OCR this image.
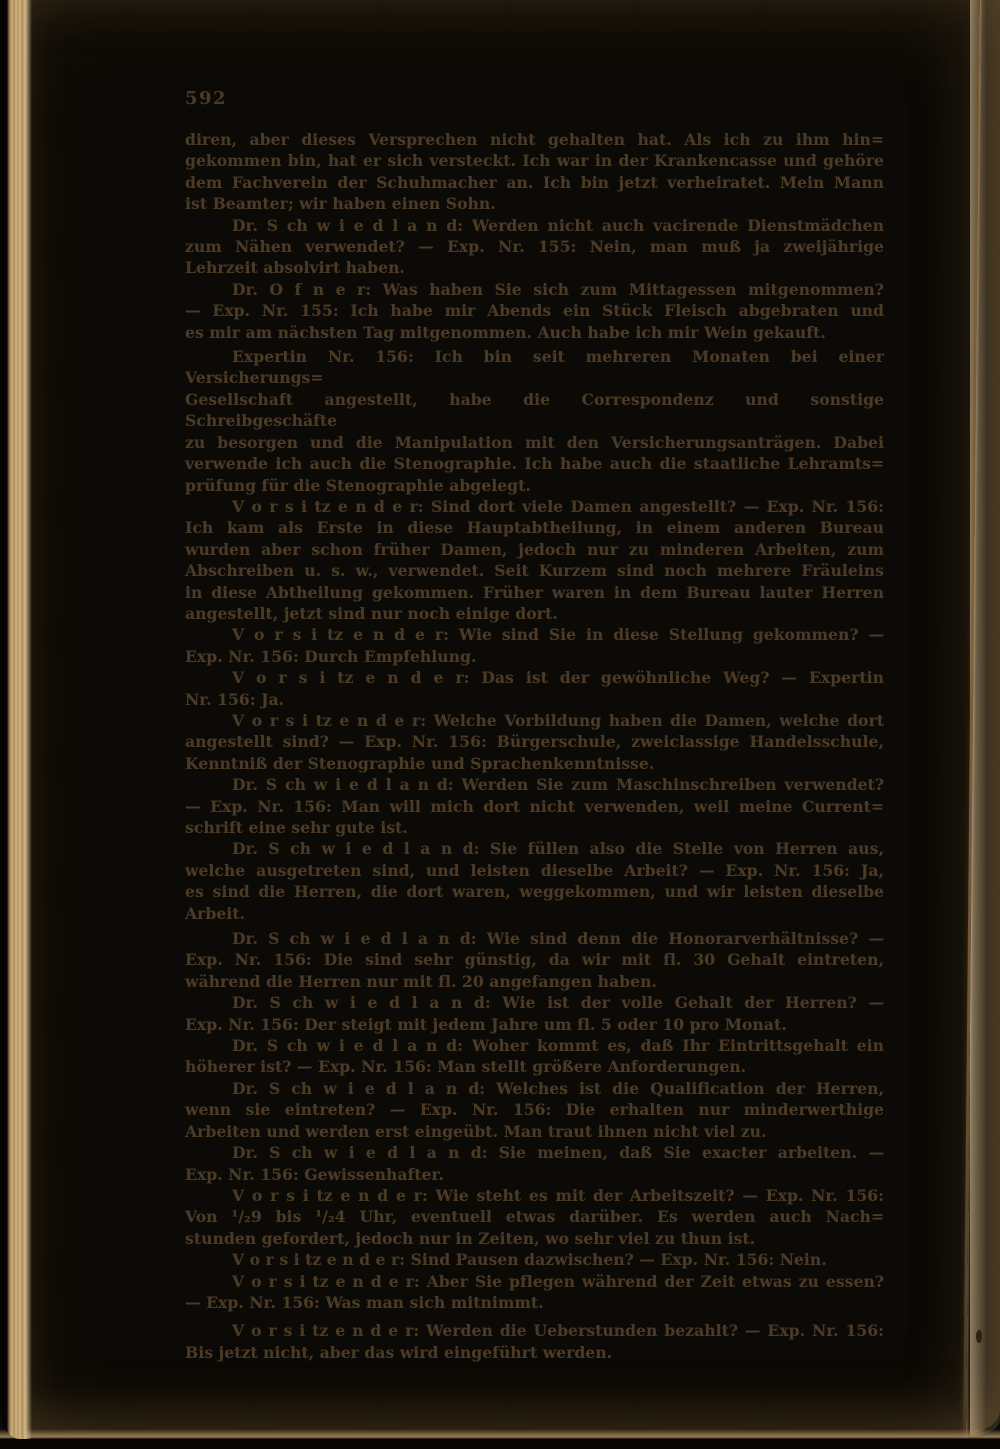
592
diren, aber dieses Versprechen nicht gehalten hat. Als ich zu ihm hin=
gekommen bin, hat er sich versteckt. Ich war in der Krankencasse und gehöre
dem Fachverein der Schuhmacher an. Ich bin jetzt verheiratet. Mein Mann
ist Beamter; wir haben einen Sohn.
Dr. S ch w i e d l a n d: Werden nicht auch vacirende Dienstmädchen
zum Nähen verwendet? — Exp. Nr. 155: Nein, man muß ja zweijährige
Lehrzeit absolvirt haben.
Dr. O f n e r: Was haben Sie sich zum Mittagessen mitgenommen?
— Exp. Nr. 155: Ich habe mir Abends ein Stück Fleisch abgebraten und
es mir am nächsten Tag mitgenommen. Auch habe ich mir Wein gekauft.
Expertin Nr. 156: Ich bin seit mehreren Monaten bei einer Versicherungs=
Gesellschaft angestellt, habe die Correspondenz und sonstige Schreibgeschäfte
zu besorgen und die Manipulation mit den Versicherungsanträgen. Dabei
verwende ich auch die Stenographie. Ich habe auch die staatliche Lehramts=
prüfung für die Stenographie abgelegt.
V o r s i tz e n d e r: Sind dort viele Damen angestellt? — Exp. Nr. 156:
Ich kam als Erste in diese Hauptabtheilung, in einem anderen Bureau
wurden aber schon früher Damen, jedoch nur zu minderen Arbeiten, zum
Abschreiben u. s. w., verwendet. Seit Kurzem sind noch mehrere Fräuleins
in diese Abtheilung gekommen. Früher waren in dem Bureau lauter Herren
angestellt, jetzt sind nur noch einige dort.
V o r s i tz e n d e r: Wie sind Sie in diese Stellung gekommen? —
Exp. Nr. 156: Durch Empfehlung.
V o r s i tz e n d e r: Das ist der gewöhnliche Weg? — Expertin
Nr. 156: Ja.
V o r s i tz e n d e r: Welche Vorbildung haben die Damen, welche dort
angestellt sind? — Exp. Nr. 156: Bürgerschule, zweiclassige Handelsschule,
Kenntniß der Stenographie und Sprachenkenntnisse.
Dr. S ch w i e d l a n d: Werden Sie zum Maschinschreiben verwendet?
— Exp. Nr. 156: Man will mich dort nicht verwenden, weil meine Current=
schrift eine sehr gute ist.
Dr. S ch w i e d l a n d: Sie füllen also die Stelle von Herren aus,
welche ausgetreten sind, und leisten dieselbe Arbeit? — Exp. Nr. 156: Ja,
es sind die Herren, die dort waren, weggekommen, und wir leisten dieselbe
Arbeit.
Dr. S ch w i e d l a n d: Wie sind denn die Honorarverhältnisse? —
Exp. Nr. 156: Die sind sehr günstig, da wir mit fl. 30 Gehalt eintreten,
während die Herren nur mit fl. 20 angefangen haben.
Dr. S ch w i e d l a n d: Wie ist der volle Gehalt der Herren? —
Exp. Nr. 156: Der steigt mit jedem Jahre um fl. 5 oder 10 pro Monat.
Dr. S ch w i e d l a n d: Woher kommt es, daß Ihr Eintrittsgehalt ein
höherer ist? — Exp. Nr. 156: Man stellt größere Anforderungen.
Dr. S ch w i e d l a n d: Welches ist die Qualification der Herren,
wenn sie eintreten? — Exp. Nr. 156: Die erhalten nur minderwerthige
Arbeiten und werden erst eingeübt. Man traut ihnen nicht viel zu.
Dr. S ch w i e d l a n d: Sie meinen, daß Sie exacter arbeiten. —
Exp. Nr. 156: Gewissenhafter.
V o r s i tz e n d e r: Wie steht es mit der Arbeitszeit? — Exp. Nr. 156:
Von ¹/₂9 bis ¹/₂4 Uhr, eventuell etwas darüber. Es werden auch Nach=
stunden gefordert, jedoch nur in Zeiten, wo sehr viel zu thun ist.
V o r s i tz e n d e r: Sind Pausen dazwischen? — Exp. Nr. 156: Nein.
V o r s i tz e n d e r: Aber Sie pflegen während der Zeit etwas zu essen?
— Exp. Nr. 156: Was man sich mitnimmt.
V o r s i tz e n d e r: Werden die Ueberstunden bezahlt? — Exp. Nr. 156:
Bis jetzt nicht, aber das wird eingeführt werden.
